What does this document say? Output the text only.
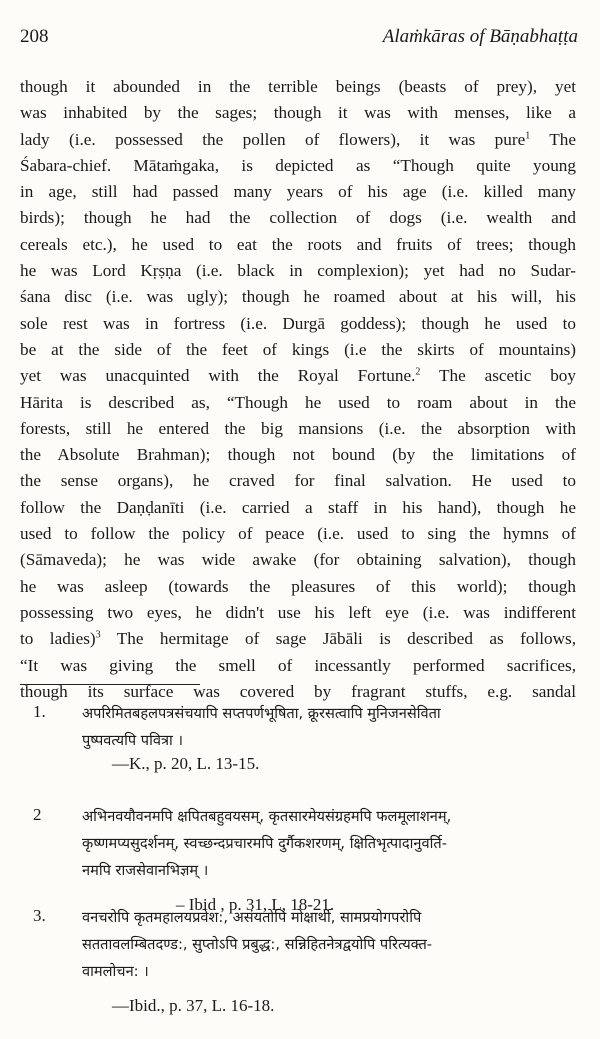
208	Alaṁkāras of Bāṇabhaṭṭa
though it abounded in the terrible beings (beasts of prey), yet
was inhabited by the sages; though it was with menses, like a
lady (i.e. possessed the pollen of flowers), it was pure$^1$ The
Śabara-chief. Mātaṁgaka, is depicted as “Though quite young
in age, still had passed many years of his age (i.e. killed many
birds); though he had the collection of dogs (i.e. wealth and
cereals etc.), he used to eat the roots and fruits of trees; though
he was Lord Kṛṣṇa (i.e. black in complexion); yet had no Sudar-
śana disc (i.e. was ugly); though he roamed about at his will, his
sole rest was in fortress (i.e. Durgā goddess); though he used to
be at the side of the feet of kings (i.e the skirts of mountains)
yet was unacquinted with the Royal Fortune.$^2$ The ascetic boy
Hārita is described as, “Though he used to roam about in the
forests, still he entered the big mansions (i.e. the absorption with
the Absolute Brahman); though not bound (by the limitations of
the sense organs), he craved for final salvation. He used to
follow the Daṇḍanīti (i.e. carried a staff in his hand), though he
used to follow the policy of peace (i.e. used to sing the hymns of
(Sāmaveda); he was wide awake (for obtaining salvation), though
he was asleep (towards the pleasures of this world); though
possessing two eyes, he didn't use his left eye (i.e. was indifferent
to ladies)$^3$ The hermitage of sage Jābāli is described as follows,
“It was giving the smell of incessantly performed sacrifices,
though its surface was covered by fragrant stuffs, e.g. sandal
1. अपरिमितबहलपत्रसंचयापि सप्तपर्णभूषिता, क्रूरसत्वापि मुनिजनसेविता
पुष्पवत्यपि पवित्रा ।
—K., p. 20, L. 13-15.
2	अभिनवयौवनमपि क्षपितबहुवयसम्, कृतसारमेयसंग्रहमपि फलमूलाशनम्,
कृष्णमप्यसुदर्शनम्, स्वच्छन्दप्रचारमपि दुर्गैकशरणम्, क्षितिभृत्पादानुवर्ति-
नमपि राजसेवानभिज्ञम् ।
– Ibid , p. 31, L, 18-21.
3. वनचरोपि कृतमहालयप्रवेश:, असंयतोपि मोक्षार्थी, सामप्रयोगपरोपि
सततावलम्बितदण्ड:, सुप्तोऽपि प्रबुद्ध:, सन्निहितनेत्रद्वयोपि परित्यक्त-
वामलोचन: ।
—Ibid., p. 37, L. 16-18.
